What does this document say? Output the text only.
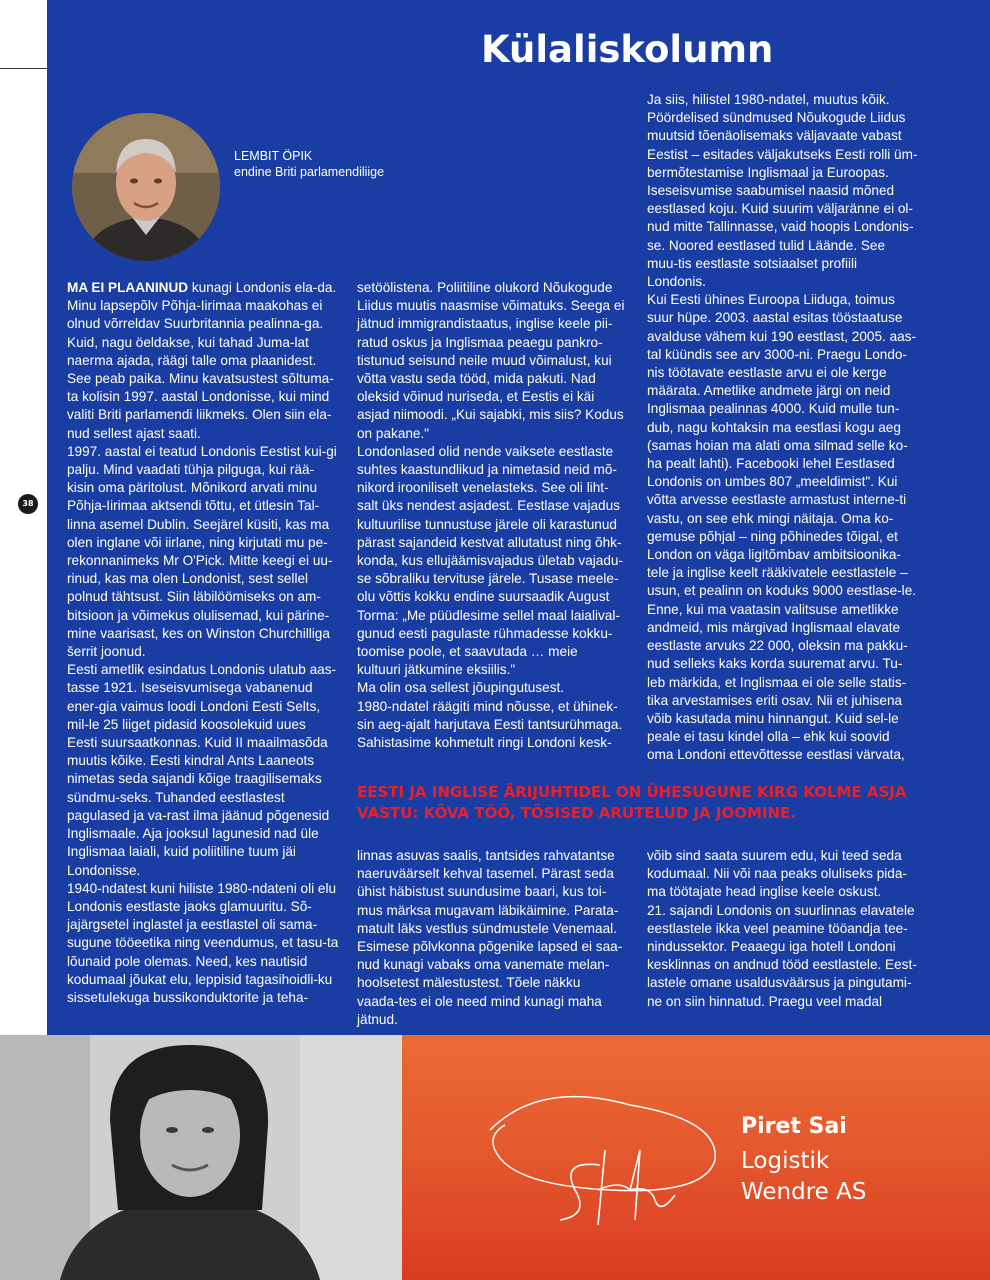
38
Külaliskolumn
LEMBIT ÖPIK
endine Briti parlamendiliige

MA EI PLAANINUD kunagi Londonis ela-da. Minu lapsepõlv Põhja-Iirimaa maakohas ei olnud võrreldav Suurbritannia pealinna-ga. Kuid, nagu öeldakse, kui tahad Juma-lat naerma ajada, räägi talle oma plaanidest. See peab paika. Minu kavatsustest sõltuma-ta kolisin 1997. aastal Londonisse, kui mind valiti Briti parlamendi liikmeks. Olen siin ela-nud sellest ajast saati.

1997. aastal ei teatud Londonis Eestist kui-gi palju. Mind vaadati tühja pilguga, kui rää-kisin oma päritolust. Mõnikord arvati minu Põhja-Iirimaa aktsendi tõttu, et ütlesin Tal-linna asemel Dublin. Seejärel küsiti, kas ma olen inglane või iirlane, ning kirjutati mu pe-rekonnanimeks Mr O'Pick. Mitte keegi ei uu-rinud, kas ma olen Londonist, sest sellel polnud tähtsust. Siin läbilöömiseks on am-bitsioon ja võimekus olulisemad, kui pärine-mine vaarisast, kes on Winston Churchilliga šerrit joonud.

Eesti ametlik esindatus Londonis ulatub aas-tasse 1921. Iseseisvumisega vabanenud ener-gia vaimus loodi Londoni Eesti Selts, mil-le 25 liiget pidasid koosolekuid uues Eesti suursaatkonnas. Kuid II maailmasõda muutis kõike. Eesti kindral Ants Laaneots nimetas seda sajandi kõige traagilisemaks sündmu-seks. Tuhanded eestlastest pagulased ja va-rast ilma jäänud põgenesid Inglismaale. Aja jooksul lagunesid nad üle Inglismaa laiali, kuid poliitiline tuum jäi Londonisse.

1940-ndatest kuni hiliste 1980-ndateni oli elu Londonis eestlaste jaoks glamuuritu. Sõ-jajärgsetel inglastel ja eestlastel oli sama-sugune tööeetika ning veendumus, et tasu-ta lõunaid pole olemas. Need, kes nautisid kodumaal jõukat elu, leppisid tagasihoidli-ku sissetulekuga bussikonduktorite ja teha-

setöölistena. Poliitiline olukord Nõukogude Liidus muutis naasmise võimatuks. Seega ei jätnud immigrandistaatus, inglise keele pii-ratud oskus ja Inglismaa peaegu pankro-tistunud seisund neile muud võimalust, kui võtta vastu seda tööd, mida pakuti. Nad oleksid võinud nuriseda, et Eestis ei käi asjad niimoodi. „Kui sajabki, mis siis? Kodus on pakane."

Londonlased olid nende vaiksete eestlaste suhtes kaastundlikud ja nimetasid neid mõ-nikord irooniliselt venelasteks. See oli liht-salt üks nendest asjadest. Eestlase vajadus kultuurilise tunnustuse järele oli karastunud pärast sajandeid kestvat allutatust ning õhk-konda, kus ellujäämisvajadus ületab vajadu-se sõbraliku tervituse järele. Tusase meele-olu võttis kokku endine suursaadik August Torma: „Me püüdlesime sellel maal laialival-gunud eesti pagulaste rühmadesse kokku-toomise poole, et saavutada … meie kultuuri jätkumine eksiilis."

Ma olin osa sellest jõupingutusest.

1980-ndatel räägiti mind nõusse, et ühinek-sin aeg-ajalt harjutava Eesti tantsurühmaga. Sahistasime kohmetult ringi Londoni kesk-

Ja siis, hilistel 1980-ndatel, muutus kõik. Pöördelised sündmused Nõukogude Liidus muutsid tõenäolisemaks väljavaate vabast Eestist – esitades väljakutseks Eesti rolli üm-bermõtestamise Inglismaal ja Euroopas. Iseseisvumise saabumisel naasid mõned eestlased koju. Kuid suurim väljaränne ei ol-nud mitte Tallinnasse, vaid hoopis Londonis-se. Noored eestlased tulid Läände. See muu-tis eestlaste sotsiaalset profiili Londonis.

Kui Eesti ühines Euroopa Liiduga, toimus suur hüpe. 2003. aastal esitas tööstaatuse avalduse vähem kui 190 eestlast, 2005. aas-tal küündis see arv 3000-ni. Praegu Londo-nis töötavate eestlaste arvu ei ole kerge määrata. Ametlike andmete järgi on neid Inglismaa pealinnas 4000. Kuid mulle tun-dub, nagu kohtaksin ma eestlasi kogu aeg (samas hoian ma alati oma silmad selle ko-ha pealt lahti). Facebooki lehel Eestlased Londonis on umbes 807 „meeldimist". Kui võtta arvesse eestlaste armastust interne-ti vastu, on see ehk mingi näitaja. Oma ko-gemuse põhjal – ning põhinedes tõigal, et London on väga ligitõmbav ambitsioonika-tele ja inglise keelt rääkivatele eestlastele – usun, et pealinn on koduks 9000 eestlase-le. Enne, kui ma vaatasin valitsuse ametlikke andmeid, mis märgivad Inglismaal elavate eestlaste arvuks 22 000, oleksin ma pakku-nud selleks kaks korda suuremat arvu. Tu-leb märkida, et Inglismaa ei ole selle statis-tika arvestamises eriti osav. Nii et juhisena võib kasutada minu hinnangut. Kuid sel-le peale ei tasu kindel olla – ehk kui soovid oma Londoni ettevõttesse eestlasi värvata,

EESTI JA INGLISE ÄRIJUHTIDEL ON ÜHESUGUNE KIRG KOLME ASJA VASTU: KÕVA TÖÖ, TÕSISED ARUTELUD JA JOOMINE.

linnas asuvas saalis, tantsides rahvatantse naeruväärselt kehval tasemel. Pärast seda ühist häbistust suundusime baari, kus toi-mus märksa mugavam läbikäimine. Parata-matult läks vestlus sündmustele Venemaal. Esimese põlvkonna põgenike lapsed ei saa-nud kunagi vabaks oma vanemate melan-hoolsetest mälestustest. Tõele näkku vaada-tes ei ole need mind kunagi maha jätnud.

võib sind saata suurem edu, kui teed seda kodumaal. Nii või naa peaks oluliseks pida-ma töötajate head inglise keele oskust.

21. sajandi Londonis on suurlinnas elavatele eestlastele ikka veel peamine tööandja tee-nindussektor. Peaaegu iga hotell Londoni kesklinnas on andnud tööd eestlastele. Eest-lastele omane usaldusväärsus ja pingutami-ne on siin hinnatud. Praegu veel madal

Piret Sai
Logistik
Wendre AS
